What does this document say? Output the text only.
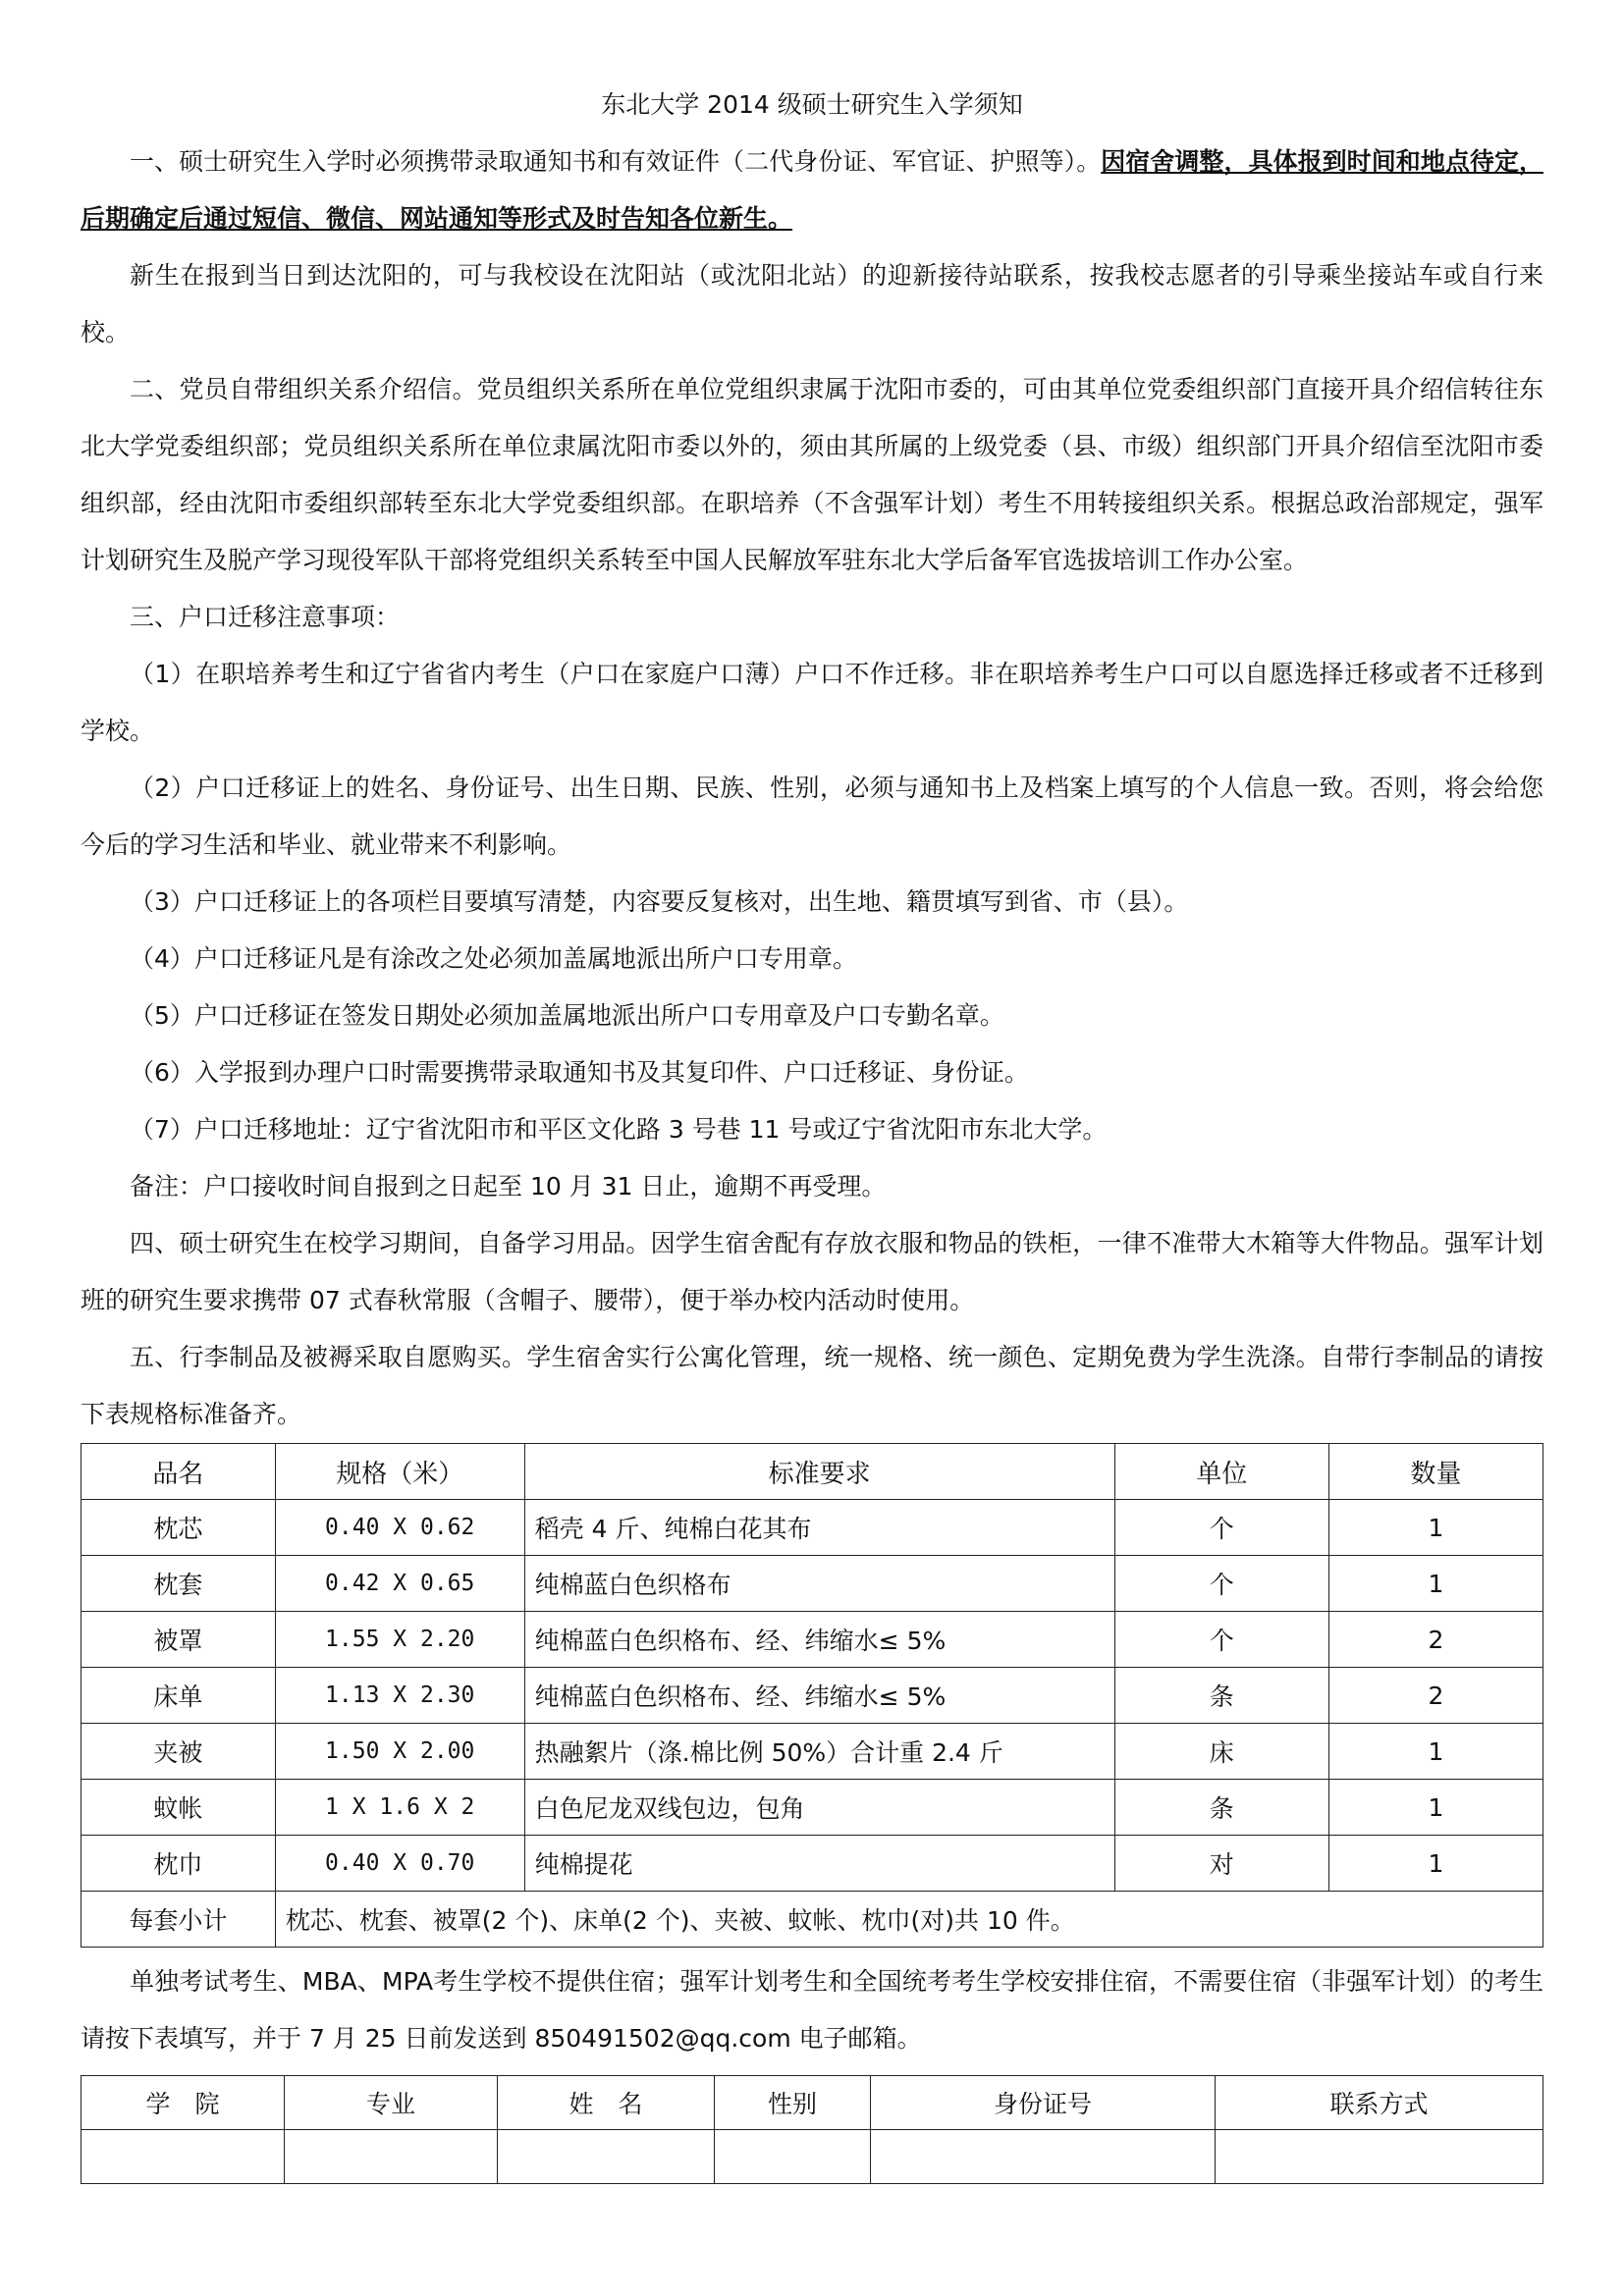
东北大学 2014 级硕士研究生入学须知

一、硕士研究生入学时必须携带录取通知书和有效证件（二代身份证、军官证、护照等）。因宿舍调整，具体报到时间和地点待定，后期确定后通过短信、微信、网站通知等形式及时告知各位新生。

新生在报到当日到达沈阳的，可与我校设在沈阳站（或沈阳北站）的迎新接待站联系，按我校志愿者的引导乘坐接站车或自行来校。

二、党员自带组织关系介绍信。党员组织关系所在单位党组织隶属于沈阳市委的，可由其单位党委组织部门直接开具介绍信转往东北大学党委组织部；党员组织关系所在单位隶属沈阳市委以外的，须由其所属的上级党委（县、市级）组织部门开具介绍信至沈阳市委组织部，经由沈阳市委组织部转至东北大学党委组织部。在职培养（不含强军计划）考生不用转接组织关系。根据总政治部规定，强军计划研究生及脱产学习现役军队干部将党组织关系转至中国人民解放军驻东北大学后备军官选拔培训工作办公室。

三、户口迁移注意事项：

（1）在职培养考生和辽宁省省内考生（户口在家庭户口薄）户口不作迁移。非在职培养考生户口可以自愿选择迁移或者不迁移到学校。

（2）户口迁移证上的姓名、身份证号、出生日期、民族、性别，必须与通知书上及档案上填写的个人信息一致。否则，将会给您今后的学习生活和毕业、就业带来不利影响。

（3）户口迁移证上的各项栏目要填写清楚，内容要反复核对，出生地、籍贯填写到省、市（县）。

（4）户口迁移证凡是有涂改之处必须加盖属地派出所户口专用章。

（5）户口迁移证在签发日期处必须加盖属地派出所户口专用章及户口专勤名章。

（6）入学报到办理户口时需要携带录取通知书及其复印件、户口迁移证、身份证。

（7）户口迁移地址：辽宁省沈阳市和平区文化路 3 号巷 11 号或辽宁省沈阳市东北大学。

备注：户口接收时间自报到之日起至 10 月 31 日止，逾期不再受理。

四、硕士研究生在校学习期间，自备学习用品。因学生宿舍配有存放衣服和物品的铁柜，一律不准带大木箱等大件物品。强军计划班的研究生要求携带 07 式春秋常服（含帽子、腰带），便于举办校内活动时使用。

五、行李制品及被褥采取自愿购买。学生宿舍实行公寓化管理，统一规格、统一颜色、定期免费为学生洗涤。自带行李制品的请按下表规格标准备齐。

品名	规格（米）	标准要求	单位	数量
枕芯	0.40 X 0.62	稻壳 4 斤、纯棉白花其布	个	1
枕套	0.42 X 0.65	纯棉蓝白色织格布	个	1
被罩	1.55 X 2.20	纯棉蓝白色织格布、经、纬缩水≤ 5%	个	2
床单	1.13 X 2.30	纯棉蓝白色织格布、经、纬缩水≤ 5%	条	2
夹被	1.50 X 2.00	热融絮片（涤.棉比例 50%）合计重 2.4 斤	床	1
蚊帐	1 X 1.6 X 2	白色尼龙双线包边，包角	条	1
枕巾	0.40 X 0.70	纯棉提花	对	1
每套小计	枕芯、枕套、被罩(2 个)、床单(2 个)、夹被、蚊帐、枕巾(对)共 10 件。			

单独考试考生、MBA、MPA考生学校不提供住宿；强军计划考生和全国统考考生学校安排住宿，不需要住宿（非强军计划）的考生请按下表填写，并于 7 月 25 日前发送到 850491502@qq.com 电子邮箱。

学　院	专业	姓　名	性别	身份证号	联系方式
